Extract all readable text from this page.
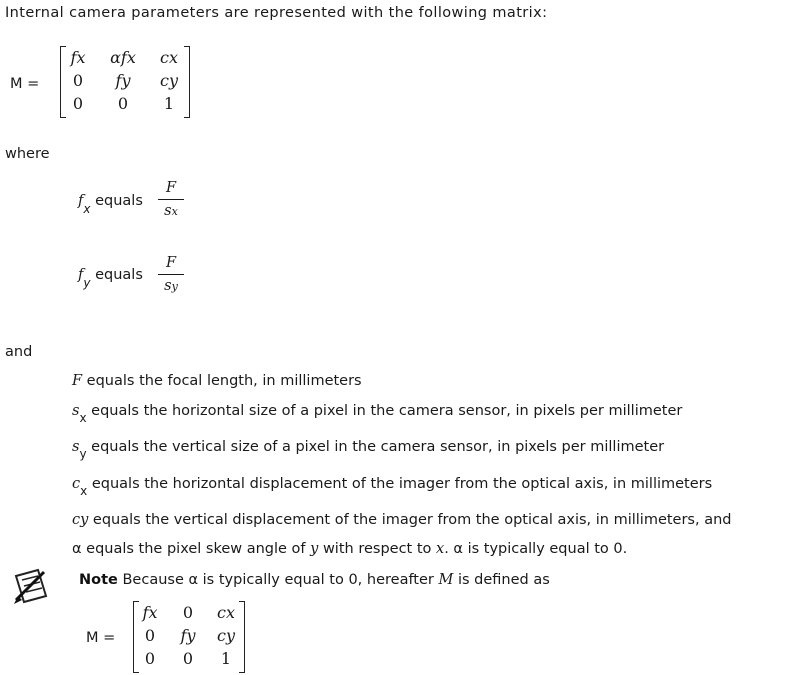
Internal camera parameters are represented with the following matrix:
M =
fx	αfx	cx
0	fy	cy
0	0	1
where
$f_x$ equals
F
sx
$f_y$ equals
F
sy
and
F equals the focal length, in millimeters
$s_x$ equals the horizontal size of a pixel in the camera sensor, in pixels per millimeter
$s_y$ equals the vertical size of a pixel in the camera sensor, in pixels per millimeter
$c_x$ equals the horizontal displacement of the imager from the optical axis, in millimeters
cy equals the vertical displacement of the imager from the optical axis, in millimeters, and
α equals the pixel skew angle of y with respect to x. α is typically equal to 0.
Note Because α is typically equal to 0, hereafter M is defined as
M =
fx	0	cx
0	fy	cy
0	0	1
